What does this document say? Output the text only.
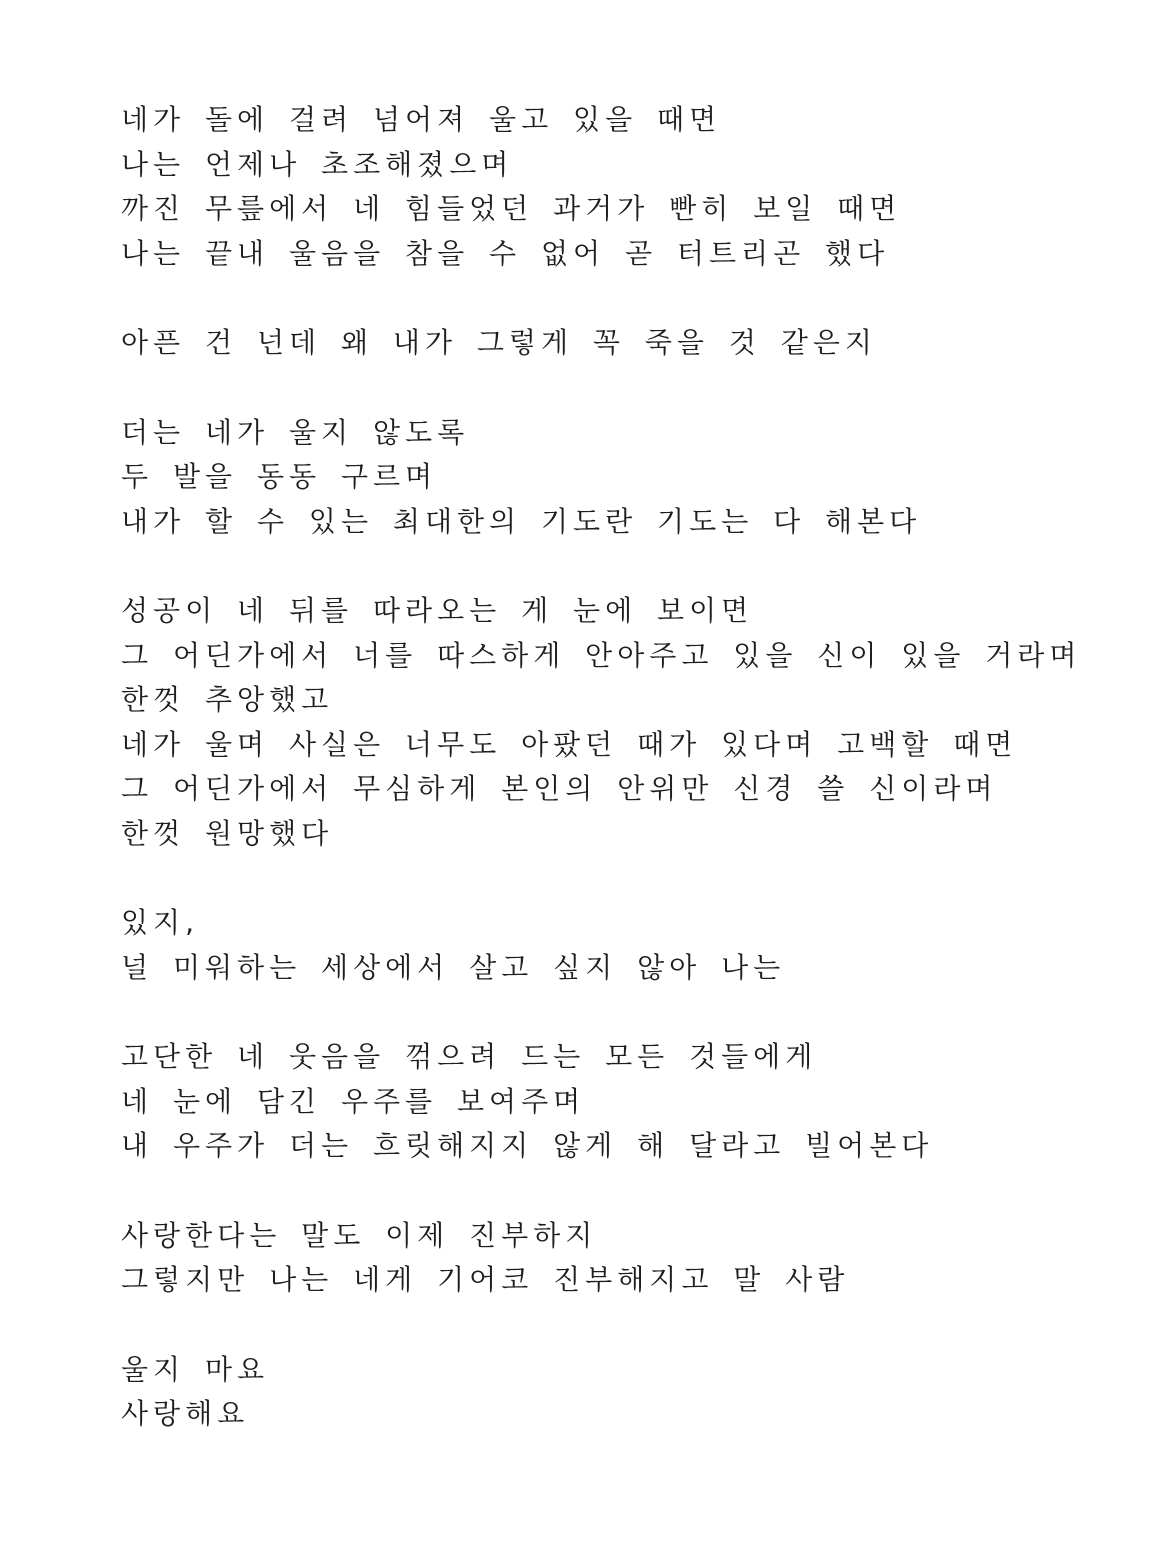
네가 돌에 걸려 넘어져 울고 있을 때면
나는 언제나 초조해졌으며
까진 무릎에서 네 힘들었던 과거가 빤히 보일 때면
나는 끝내 울음을 참을 수 없어 곧 터트리곤 했다
아픈 건 넌데 왜 내가 그렇게 꼭 죽을 것 같은지
더는 네가 울지 않도록
두 발을 동동 구르며
내가 할 수 있는 최대한의 기도란 기도는 다 해본다
성공이 네 뒤를 따라오는 게 눈에 보이면
그 어딘가에서 너를 따스하게 안아주고 있을 신이 있을 거라며
한껏 추앙했고
네가 울며 사실은 너무도 아팠던 때가 있다며 고백할 때면
그 어딘가에서 무심하게 본인의 안위만 신경 쓸 신이라며
한껏 원망했다
있지,
널 미워하는 세상에서 살고 싶지 않아 나는
고단한 네 웃음을 꺾으려 드는 모든 것들에게
네 눈에 담긴 우주를 보여주며
내 우주가 더는 흐릿해지지 않게 해 달라고 빌어본다
사랑한다는 말도 이제 진부하지
그렇지만 나는 네게 기어코 진부해지고 말 사람
울지 마요
사랑해요
